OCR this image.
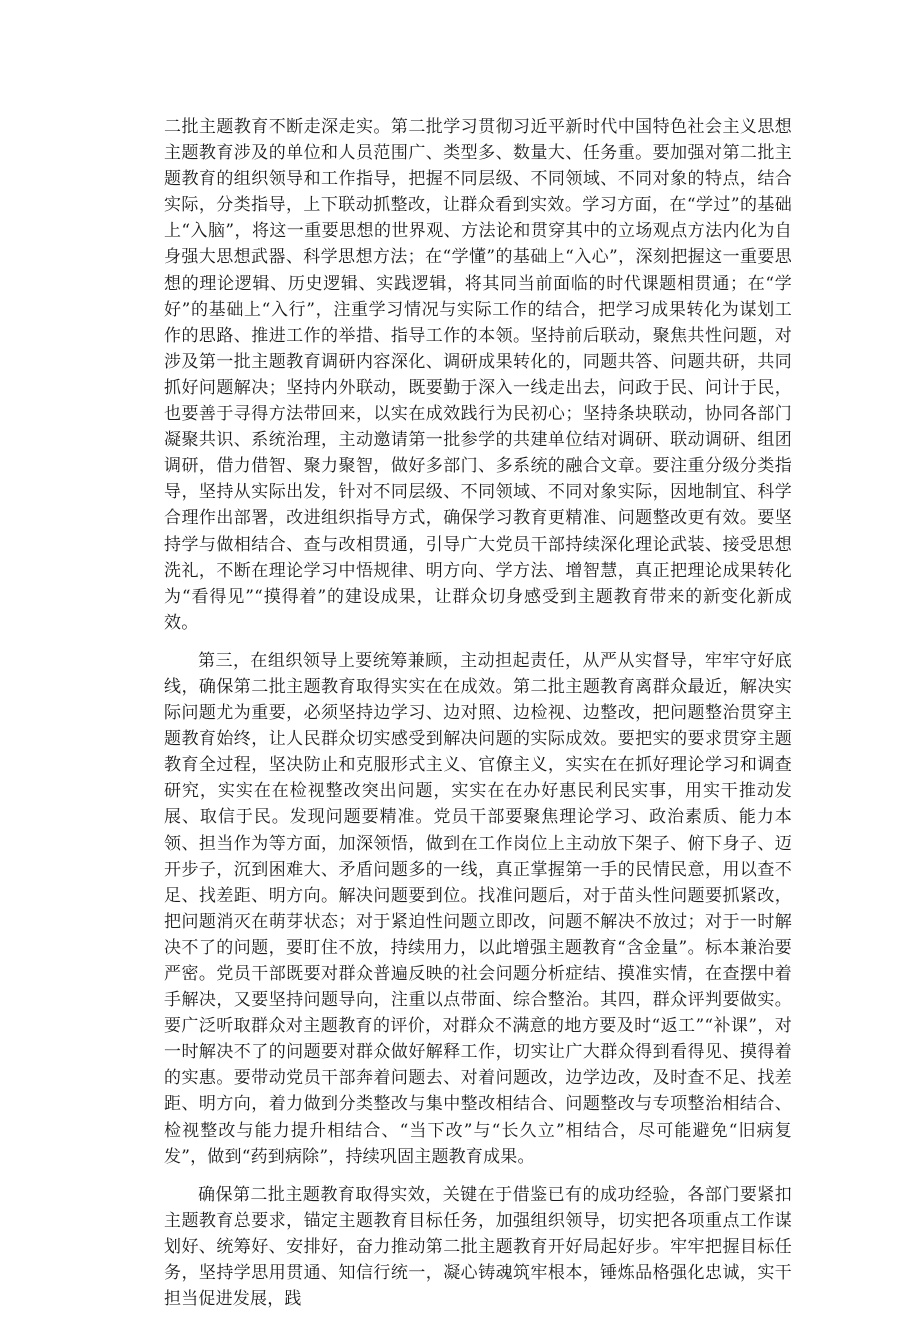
二批主题教育不断走深走实。第二批学习贯彻习近平新时代中国特色社会主义思想主题教育涉及的单位和人员范围广、类型多、数量大、任务重。要加强对第二批主题教育的组织领导和工作指导，把握不同层级、不同领域、不同对象的特点，结合实际，分类指导，上下联动抓整改，让群众看到实效。学习方面，在“学过”的基础上“入脑”，将这一重要思想的世界观、方法论和贯穿其中的立场观点方法内化为自身强大思想武器、科学思想方法；在“学懂”的基础上“入心”，深刻把握这一重要思想的理论逻辑、历史逻辑、实践逻辑，将其同当前面临的时代课题相贯通；在“学好”的基础上“入行”，注重学习情况与实际工作的结合，把学习成果转化为谋划工作的思路、推进工作的举措、指导工作的本领。坚持前后联动，聚焦共性问题，对涉及第一批主题教育调研内容深化、调研成果转化的，同题共答、问题共研，共同抓好问题解决；坚持内外联动，既要勤于深入一线走出去，问政于民、问计于民，也要善于寻得方法带回来，以实在成效践行为民初心；坚持条块联动，协同各部门凝聚共识、系统治理，主动邀请第一批参学的共建单位结对调研、联动调研、组团调研，借力借智、聚力聚智，做好多部门、多系统的融合文章。要注重分级分类指导，坚持从实际出发，针对不同层级、不同领域、不同对象实际，因地制宜、科学合理作出部署，改进组织指导方式，确保学习教育更精准、问题整改更有效。要坚持学与做相结合、查与改相贯通，引导广大党员干部持续深化理论武装、接受思想洗礼，不断在理论学习中悟规律、明方向、学方法、增智慧，真正把理论成果转化为“看得见”“摸得着”的建设成果，让群众切身感受到主题教育带来的新变化新成效。

第三，在组织领导上要统筹兼顾，主动担起责任，从严从实督导，牢牢守好底线，确保第二批主题教育取得实实在在成效。第二批主题教育离群众最近，解决实际问题尤为重要，必须坚持边学习、边对照、边检视、边整改，把问题整治贯穿主题教育始终，让人民群众切实感受到解决问题的实际成效。要把实的要求贯穿主题教育全过程，坚决防止和克服形式主义、官僚主义，实实在在抓好理论学习和调查研究，实实在在检视整改突出问题，实实在在办好惠民利民实事，用实干推动发展、取信于民。发现问题要精准。党员干部要聚焦理论学习、政治素质、能力本领、担当作为等方面，加深领悟，做到在工作岗位上主动放下架子、俯下身子、迈开步子，沉到困难大、矛盾问题多的一线，真正掌握第一手的民情民意，用以查不足、找差距、明方向。解决问题要到位。找准问题后，对于苗头性问题要抓紧改，把问题消灭在萌芽状态；对于紧迫性问题立即改，问题不解决不放过；对于一时解决不了的问题，要盯住不放，持续用力，以此增强主题教育“含金量”。标本兼治要严密。党员干部既要对群众普遍反映的社会问题分析症结、摸准实情，在查摆中着手解决，又要坚持问题导向，注重以点带面、综合整治。其四，群众评判要做实。要广泛听取群众对主题教育的评价，对群众不满意的地方要及时“返工”“补课”，对一时解决不了的问题要对群众做好解释工作，切实让广大群众得到看得见、摸得着的实惠。要带动党员干部奔着问题去、对着问题改，边学边改，及时查不足、找差距、明方向，着力做到分类整改与集中整改相结合、问题整改与专项整治相结合、检视整改与能力提升相结合、“当下改”与“长久立”相结合，尽可能避免“旧病复发”，做到“药到病除”，持续巩固主题教育成果。

确保第二批主题教育取得实效，关键在于借鉴已有的成功经验，各部门要紧扣主题教育总要求，锚定主题教育目标任务，加强组织领导，切实把各项重点工作谋划好、统筹好、安排好，奋力推动第二批主题教育开好局起好步。牢牢把握目标任务，坚持学思用贯通、知信行统一，凝心铸魂筑牢根本，锤炼品格强化忠诚，实干担当促进发展，践
